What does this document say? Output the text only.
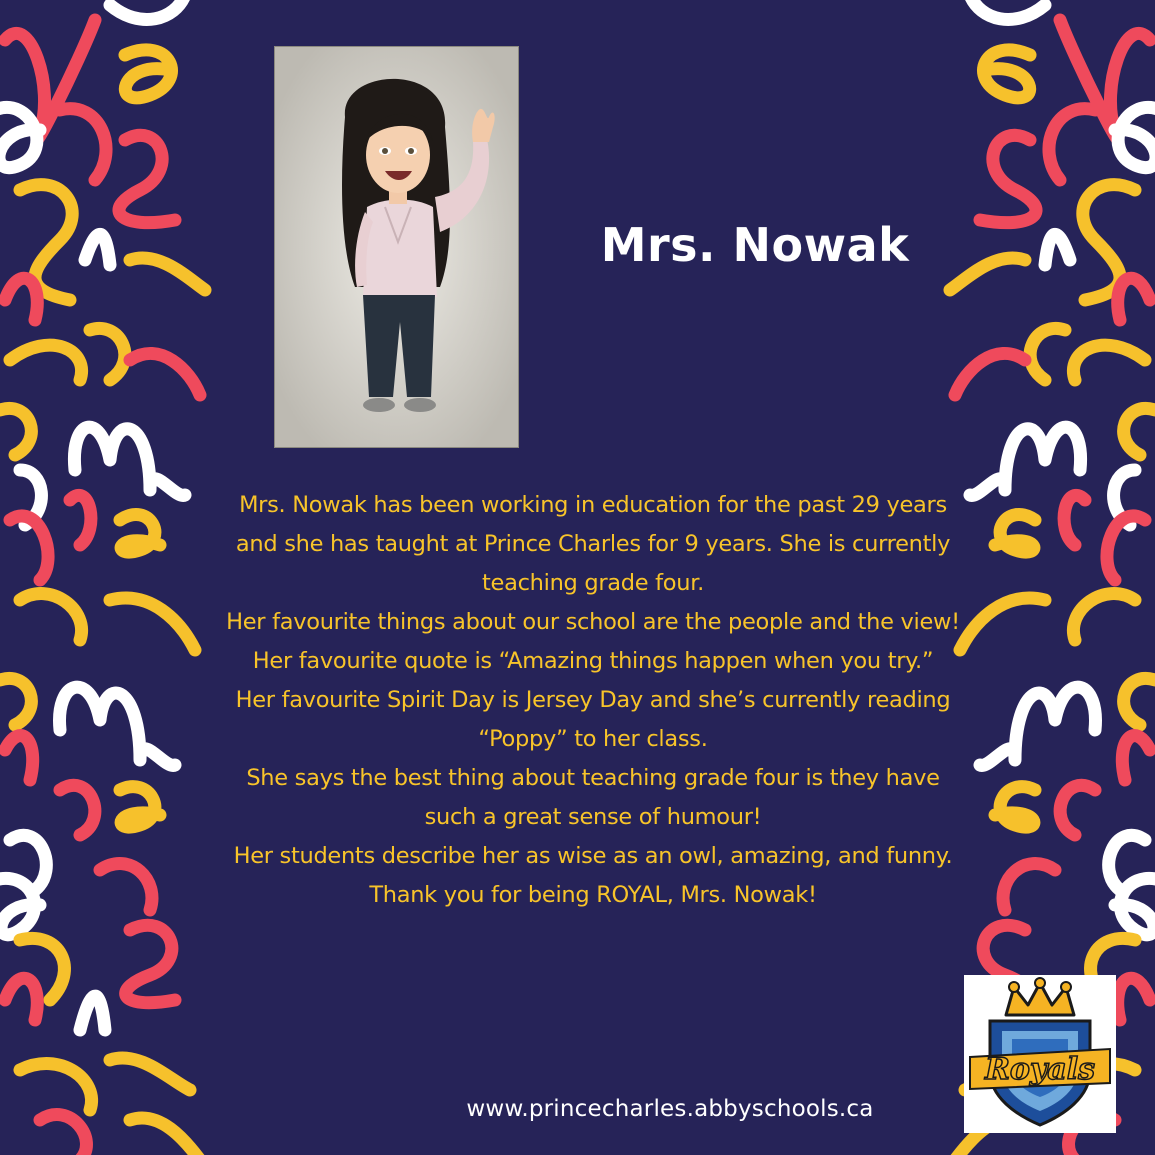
Mrs. Nowak

Mrs. Nowak has been working in education for the past 29 years and she has taught at Prince Charles for 9 years. She is currently teaching grade four.

Her favourite things about our school are the people and the view!

Her favourite quote is “Amazing things happen when you try.”

Her favourite Spirit Day is Jersey Day and she’s currently reading “Poppy” to her class.

She says the best thing about teaching grade four is they have such a great sense of humour!

Her students describe her as wise as an owl, amazing, and funny.

Thank you for being ROYAL, Mrs. Nowak!

www.princecharles.abbyschools.ca
Royals
